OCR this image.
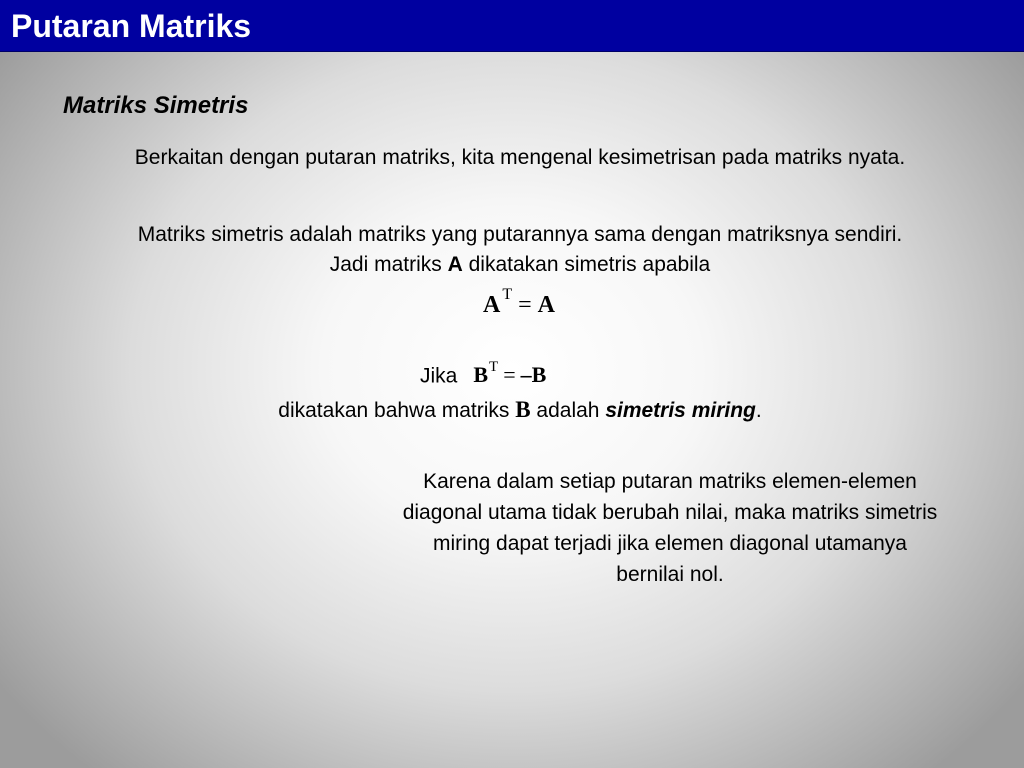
Putaran Matriks
Matriks Simetris
Berkaitan dengan putaran matriks, kita mengenal kesimetrisan pada matriks nyata.
Matriks simetris adalah matriks yang putarannya sama dengan matriksnya sendiri. Jadi matriks A dikatakan simetris apabila
A $^T$ = A
Jika $B^T = -B$
dikatakan bahwa matriks B adalah simetris miring.
Karena dalam setiap putaran matriks elemen-elemen diagonal utama tidak berubah nilai, maka matriks simetris miring dapat terjadi jika elemen diagonal utamanya bernilai nol.
